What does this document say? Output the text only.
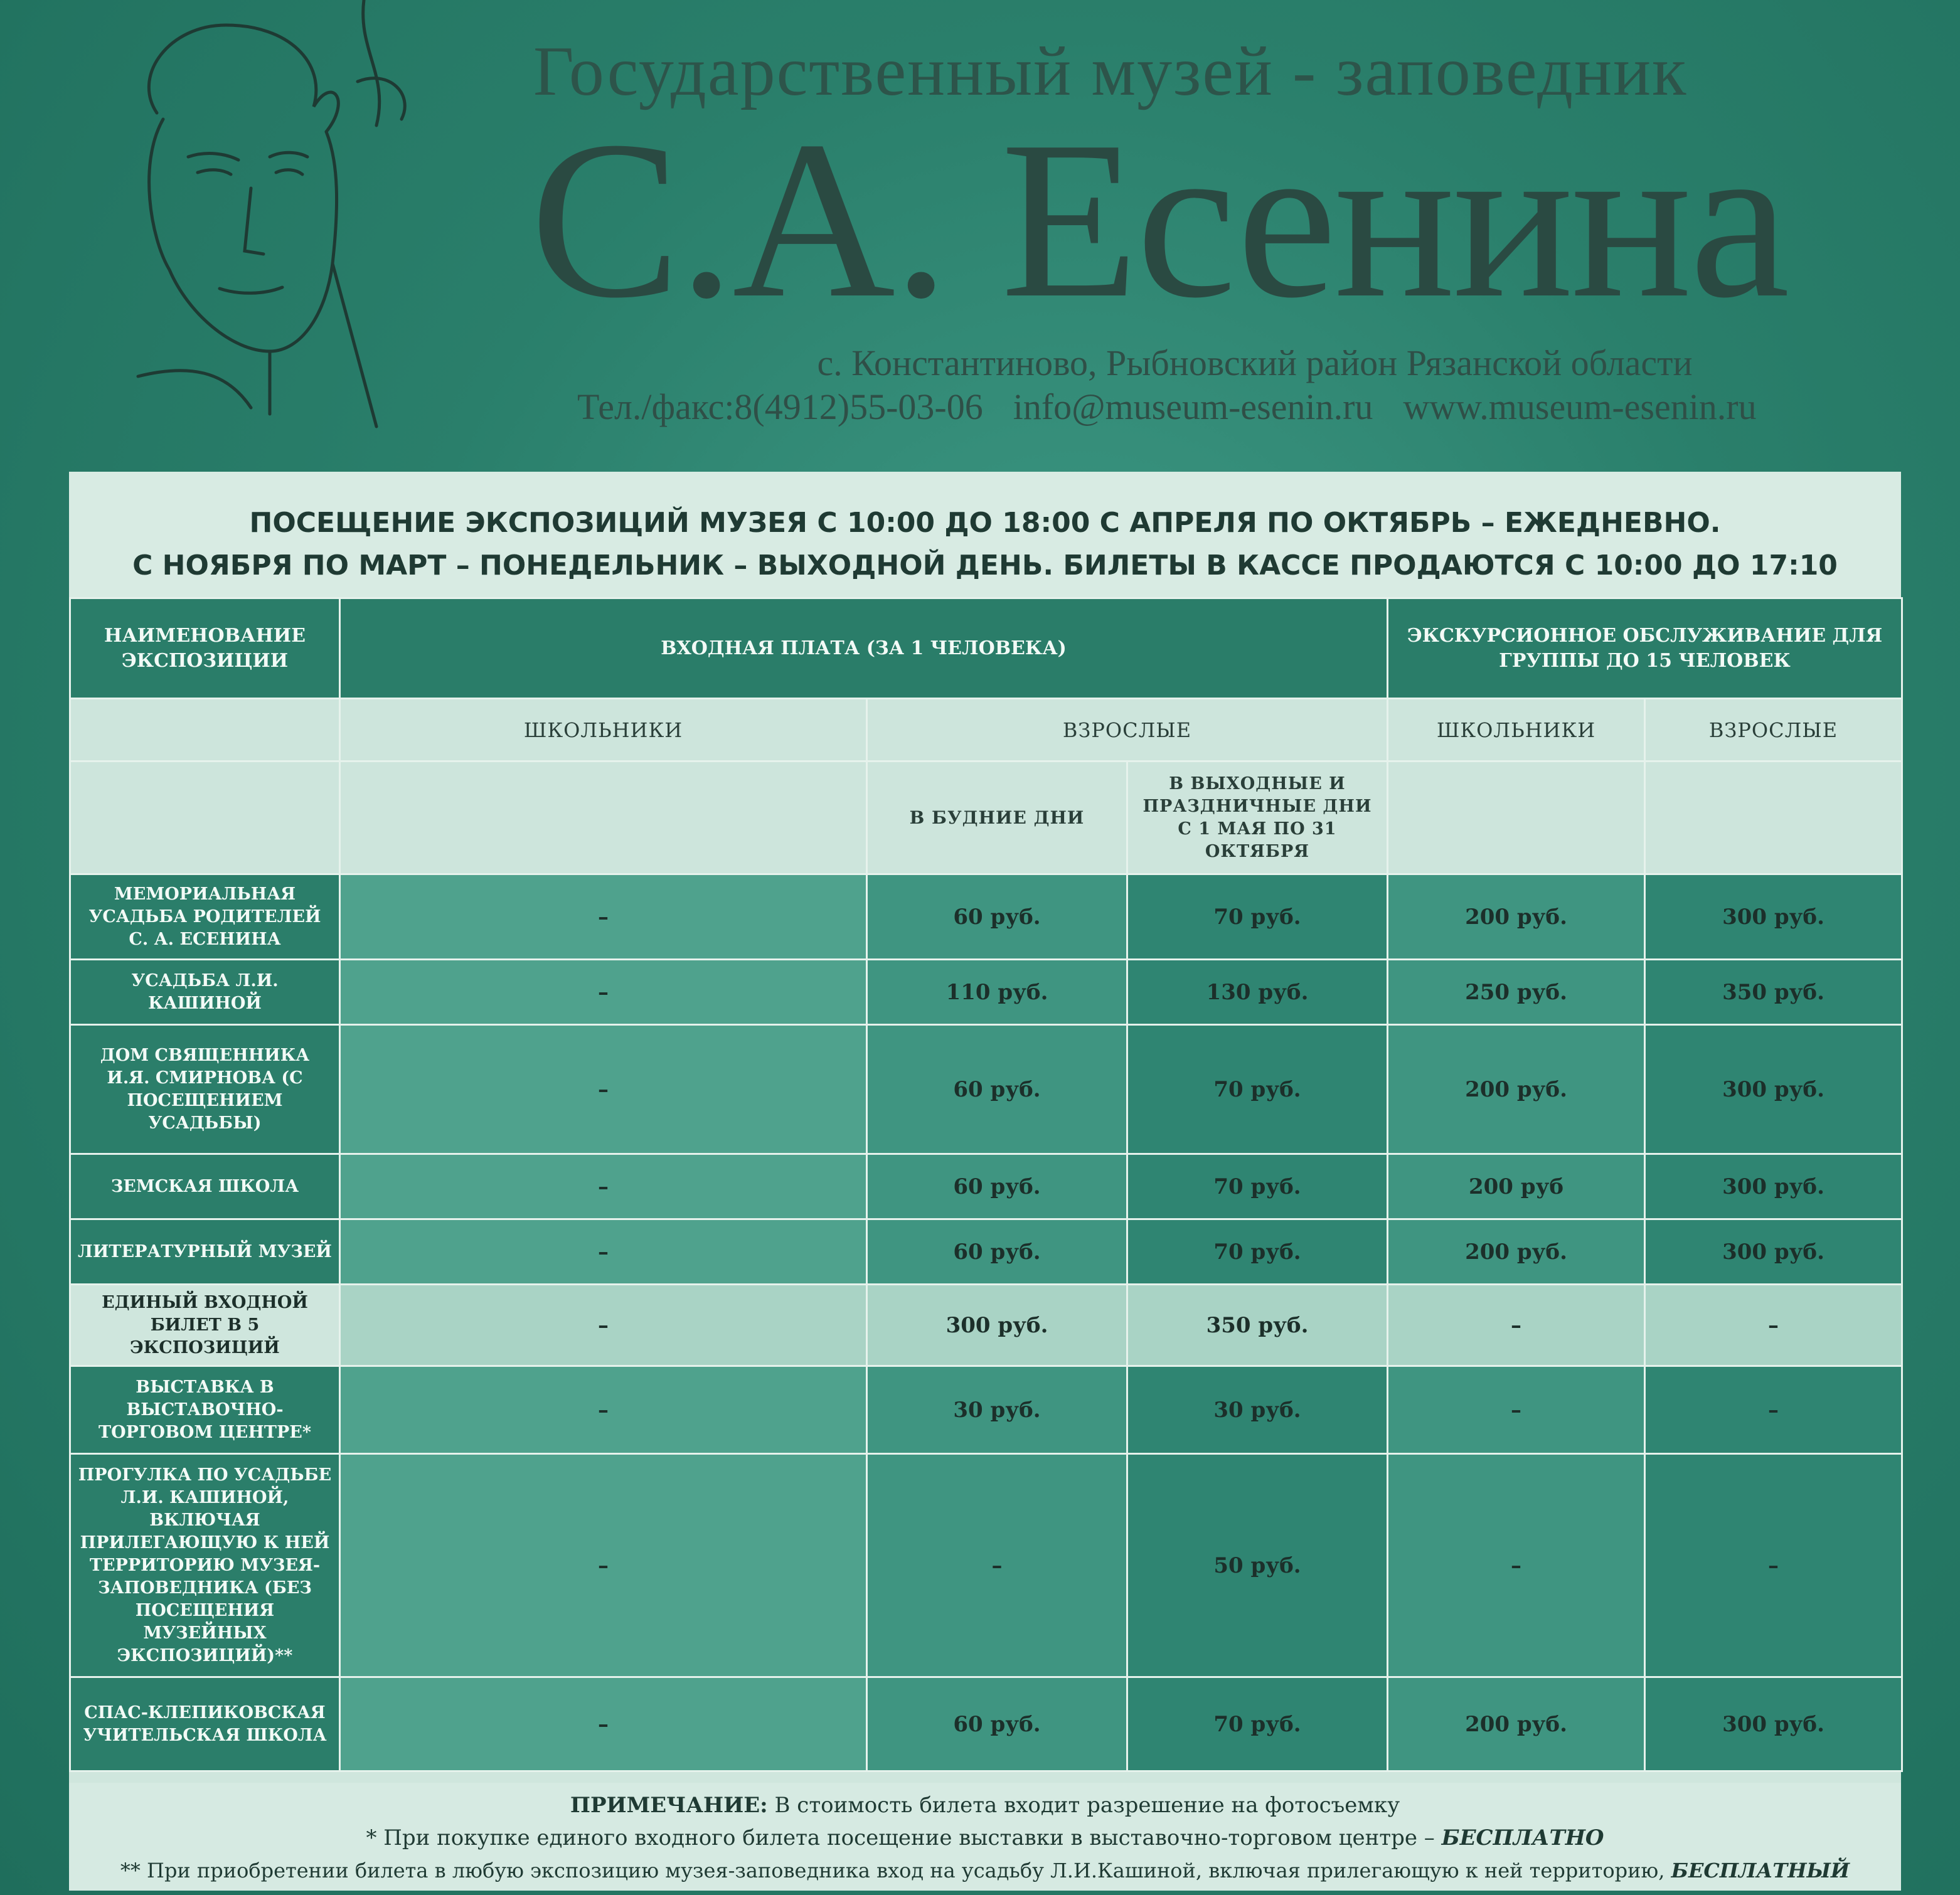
Государственный музей - заповедник
С.А. Есенина
с. Константиново, Рыбновский район Рязанской области
Тел./факс:8(4912)55-03-06 info@museum-esenin.ru www.museum-esenin.ru
ПОСЕЩЕНИЕ ЭКСПОЗИЦИЙ МУЗЕЯ С 10:00 ДО 18:00 С АПРЕЛЯ ПО ОКТЯБРЬ – ЕЖЕДНЕВНО.
С НОЯБРЯ ПО МАРТ – ПОНЕДЕЛЬНИК – ВЫХОДНОЙ ДЕНЬ. БИЛЕТЫ В КАССЕ ПРОДАЮТСЯ С 10:00 ДО 17:10
НАИМЕНОВАНИЕ ЭКСПОЗИЦИИ	ВХОДНАЯ ПЛАТА (ЗА 1 ЧЕЛОВЕКА)			ЭКСКУРСИОННОЕ ОБСЛУЖИВАНИЕ ДЛЯ ГРУППЫ ДО 15 ЧЕЛОВЕК	
	ШКОЛЬНИКИ	ВЗРОСЛЫЕ		ШКОЛЬНИКИ	ВЗРОСЛЫЕ
		В БУДНИЕ ДНИ	В ВЫХОДНЫЕ И ПРАЗДНИЧНЫЕ ДНИ С 1 МАЯ ПО 31 ОКТЯБРЯ		
МЕМОРИАЛЬНАЯ УСАДЬБА РОДИТЕЛЕЙ С. А. ЕСЕНИНА	–	60 руб.	70 руб.	200 руб.	300 руб.
УСАДЬБА Л.И. КАШИНОЙ	–	110 руб.	130 руб.	250 руб.	350 руб.
ДОМ СВЯЩЕННИКА И.Я. СМИРНОВА (С ПОСЕЩЕНИЕМ УСАДЬБЫ)	–	60 руб.	70 руб.	200 руб.	300 руб.
ЗЕМСКАЯ ШКОЛА	–	60 руб.	70 руб.	200 руб	300 руб.
ЛИТЕРАТУРНЫЙ МУЗЕЙ	–	60 руб.	70 руб.	200 руб.	300 руб.
ЕДИНЫЙ ВХОДНОЙ БИЛЕТ В 5 ЭКСПОЗИЦИЙ	–	300 руб.	350 руб.	–	–
ВЫСТАВКА В ВЫСТАВОЧНО-ТОРГОВОМ ЦЕНТРЕ*	–	30 руб.	30 руб.	–	–
ПРОГУЛКА ПО УСАДЬБЕ Л.И. КАШИНОЙ, ВКЛЮЧАЯ ПРИЛЕГАЮЩУЮ К НЕЙ ТЕРРИТОРИЮ МУЗЕЯ-ЗАПОВЕДНИКА (БЕЗ ПОСЕЩЕНИЯ МУЗЕЙНЫХ ЭКСПОЗИЦИЙ)**	–	–	50 руб.	–	–
СПАС-КЛЕПИКОВСКАЯ УЧИТЕЛЬСКАЯ ШКОЛА	–	60 руб.	70 руб.	200 руб.	300 руб.
ПРИМЕЧАНИЕ: В стоимость билета входит разрешение на фотосъемку
* При покупке единого входного билета посещение выставки в выставочно-торговом центре – БЕСПЛАТНО
** При приобретении билета в любую экспозицию музея-заповедника вход на усадьбу Л.И.Кашиной, включая прилегающую к ней территорию, БЕСПЛАТНЫЙ
